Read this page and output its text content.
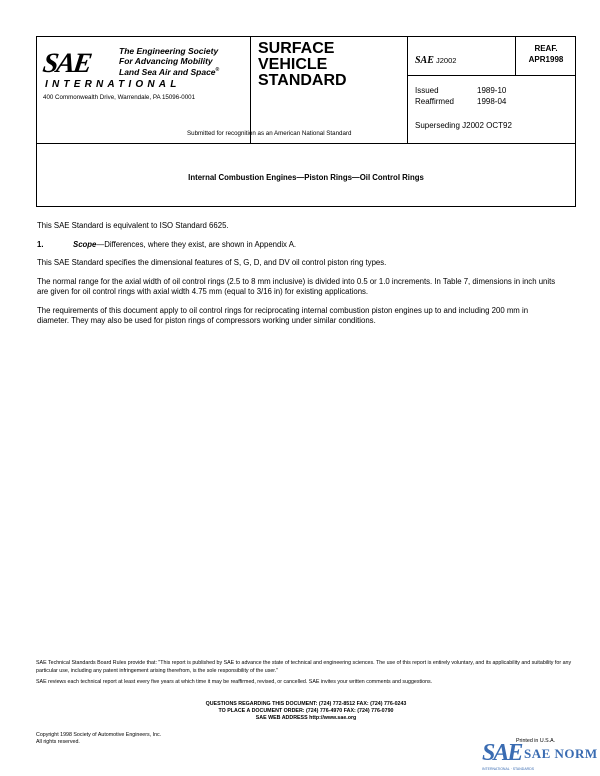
SAE	The Engineering Society
For Advancing Mobility
Land Sea Air and Space®
INTERNATIONAL
400 Commonwealth Drive, Warrendale, PA 15096-0001
Submitted for recognition as an American National Standard
SURFACE
VEHICLE
STANDARD
SAE J2002
REAF.
APR1998
Issued	1989-10
Reaffirmed	1998-04
Superseding J2002 OCT92
Internal Combustion Engines—Piston Rings—Oil Control Rings

This SAE Standard is equivalent to ISO Standard 6625.

1.	Scope—Differences, where they exist, are shown in Appendix A.

This SAE Standard specifies the dimensional features of S, G, D, and DV oil control piston ring types.

The normal range for the axial width of oil control rings (2.5 to 8 mm inclusive) is divided into 0.5 or 1.0 increments. In Table 7, dimensions in inch units are given for oil control rings with axial width 4.75 mm (equal to 3/16 in) for existing applications.

The requirements of this document apply to oil control rings for reciprocating internal combustion piston engines up to and including 200 mm in diameter. They may also be used for piston rings of compressors working under similar conditions.

SAE Technical Standards Board Rules provide that: "This report is published by SAE to advance the state of technical and engineering sciences. The use of this report is entirely voluntary, and its applicability and suitability for any particular use, including any patent infringement arising therefrom, is the sole responsibility of the user."

SAE reviews each technical report at least every five years at which time it may be reaffirmed, revised, or cancelled. SAE invites your written comments and suggestions.

QUESTIONS REGARDING THIS DOCUMENT: (724) 772-8512 FAX: (724) 776-0243
TO PLACE A DOCUMENT ORDER: (724) 776-4970 FAX: (724) 776-0790
SAE WEB ADDRESS http://www.sae.org
Copyright 1998 Society of Automotive Engineers, Inc.
All rights reserved.	SAE SAE NORM
INTERNATIONAL · STANDARDS
Printed in U.S.A.
